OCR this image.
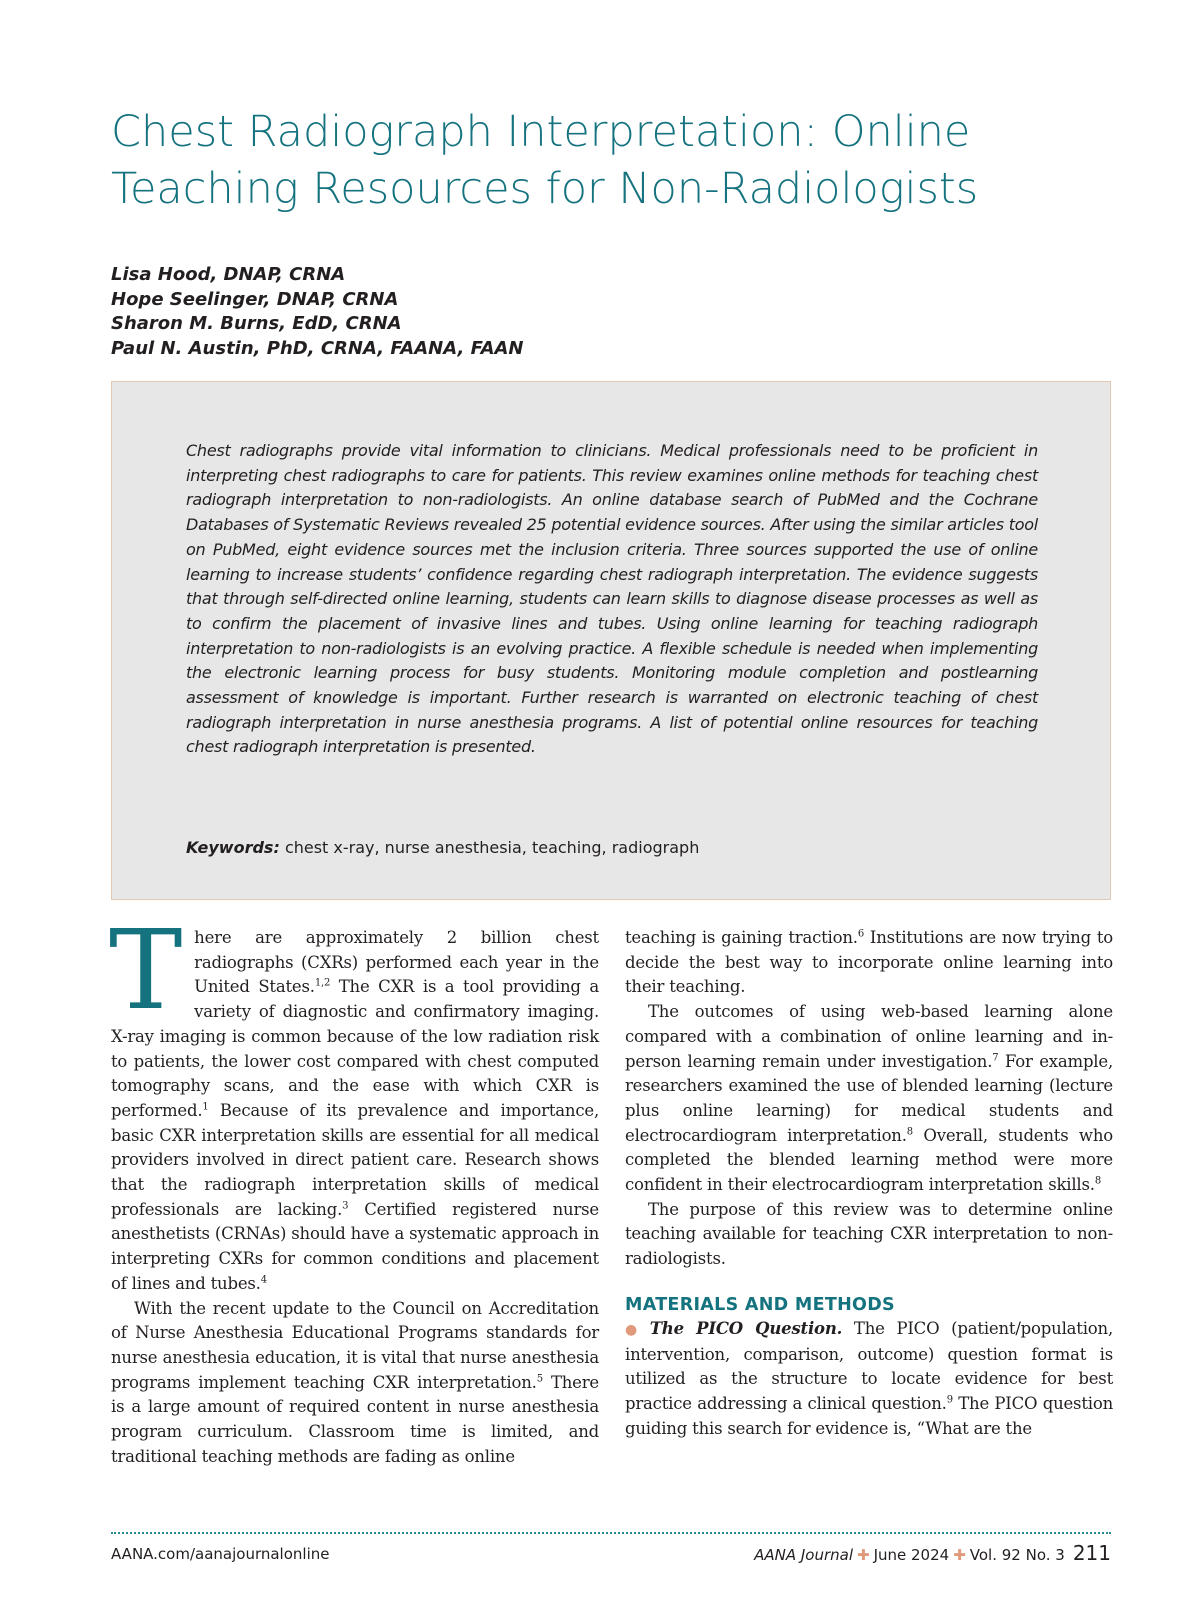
Chest Radiograph Interpretation: Online
Teaching Resources for Non-Radiologists
Lisa Hood, DNAP, CRNA
Hope Seelinger, DNAP, CRNA
Sharon M. Burns, EdD, CRNA
Paul N. Austin, PhD, CRNA, FAANA, FAAN
Chest radiographs provide vital information to clinicians. Medical professionals need to be proficient in interpreting chest radiographs to care for patients. This review examines online methods for teaching chest radiograph interpretation to non-radiologists. An online database search of PubMed and the Cochrane Databases of Systematic Reviews revealed 25 potential evidence sources. After using the similar articles tool on PubMed, eight evidence sources met the inclusion criteria. Three sources supported the use of online learning to increase students’ confidence regarding chest radiograph interpretation. The evidence suggests that through self-directed online learning, students can learn skills to diagnose disease processes as well as to confirm the placement of invasive lines and tubes. Using online learning for teaching radiograph interpretation to non-radiologists is an evolving practice. A flexible schedule is needed when implementing the electronic learning process for busy students. Monitoring module completion and postlearning assessment of knowledge is important. Further research is warranted on electronic teaching of chest radiograph interpretation in nurse anesthesia programs. A list of potential online resources for teaching chest radiograph interpretation is presented.
Keywords: chest x-ray, nurse anesthesia, teaching, radiograph

There are approximately 2 billion chest radiographs (CXRs) performed each year in the United States.$^{1,2}$ The CXR is a tool providing a variety of diagnostic and confirmatory imaging. X-ray imaging is common because of the low radiation risk to patients, the lower cost compared with chest computed tomography scans, and the ease with which CXR is performed.$^1$ Because of its prevalence and importance, basic CXR interpretation skills are essential for all medical providers involved in direct patient care. Research shows that the radiograph interpretation skills of medical professionals are lacking.$^3$ Certified registered nurse anesthetists (CRNAs) should have a systematic approach in interpreting CXRs for common conditions and placement of lines and tubes.$^4$

With the recent update to the Council on Accreditation of Nurse Anesthesia Educational Programs standards for nurse anesthesia education, it is vital that nurse anesthesia programs implement teaching CXR interpretation.$^5$ There is a large amount of required content in nurse anesthesia program curriculum. Classroom time is limited, and traditional teaching methods are fading as online

teaching is gaining traction.$^6$ Institutions are now trying to decide the best way to incorporate online learning into their teaching.

The outcomes of using web-based learning alone compared with a combination of online learning and in-person learning remain under investigation.$^7$ For example, researchers examined the use of blended learning (lecture plus online learning) for medical students and electrocardiogram interpretation.$^8$ Overall, students who completed the blended learning method were more confident in their electrocardiogram interpretation skills.$^8$

The purpose of this review was to determine online teaching available for teaching CXR interpretation to non-radiologists.

MATERIALS AND METHODS

● The PICO Question. The PICO (patient/population, intervention, comparison, outcome) question format is utilized as the structure to locate evidence for best practice addressing a clinical question.$^9$ The PICO question guiding this search for evidence is, “What are the

AANA.com/aanajournalonline	AANA Journal ✚ June 2024 ✚ Vol. 92 No. 3 211
